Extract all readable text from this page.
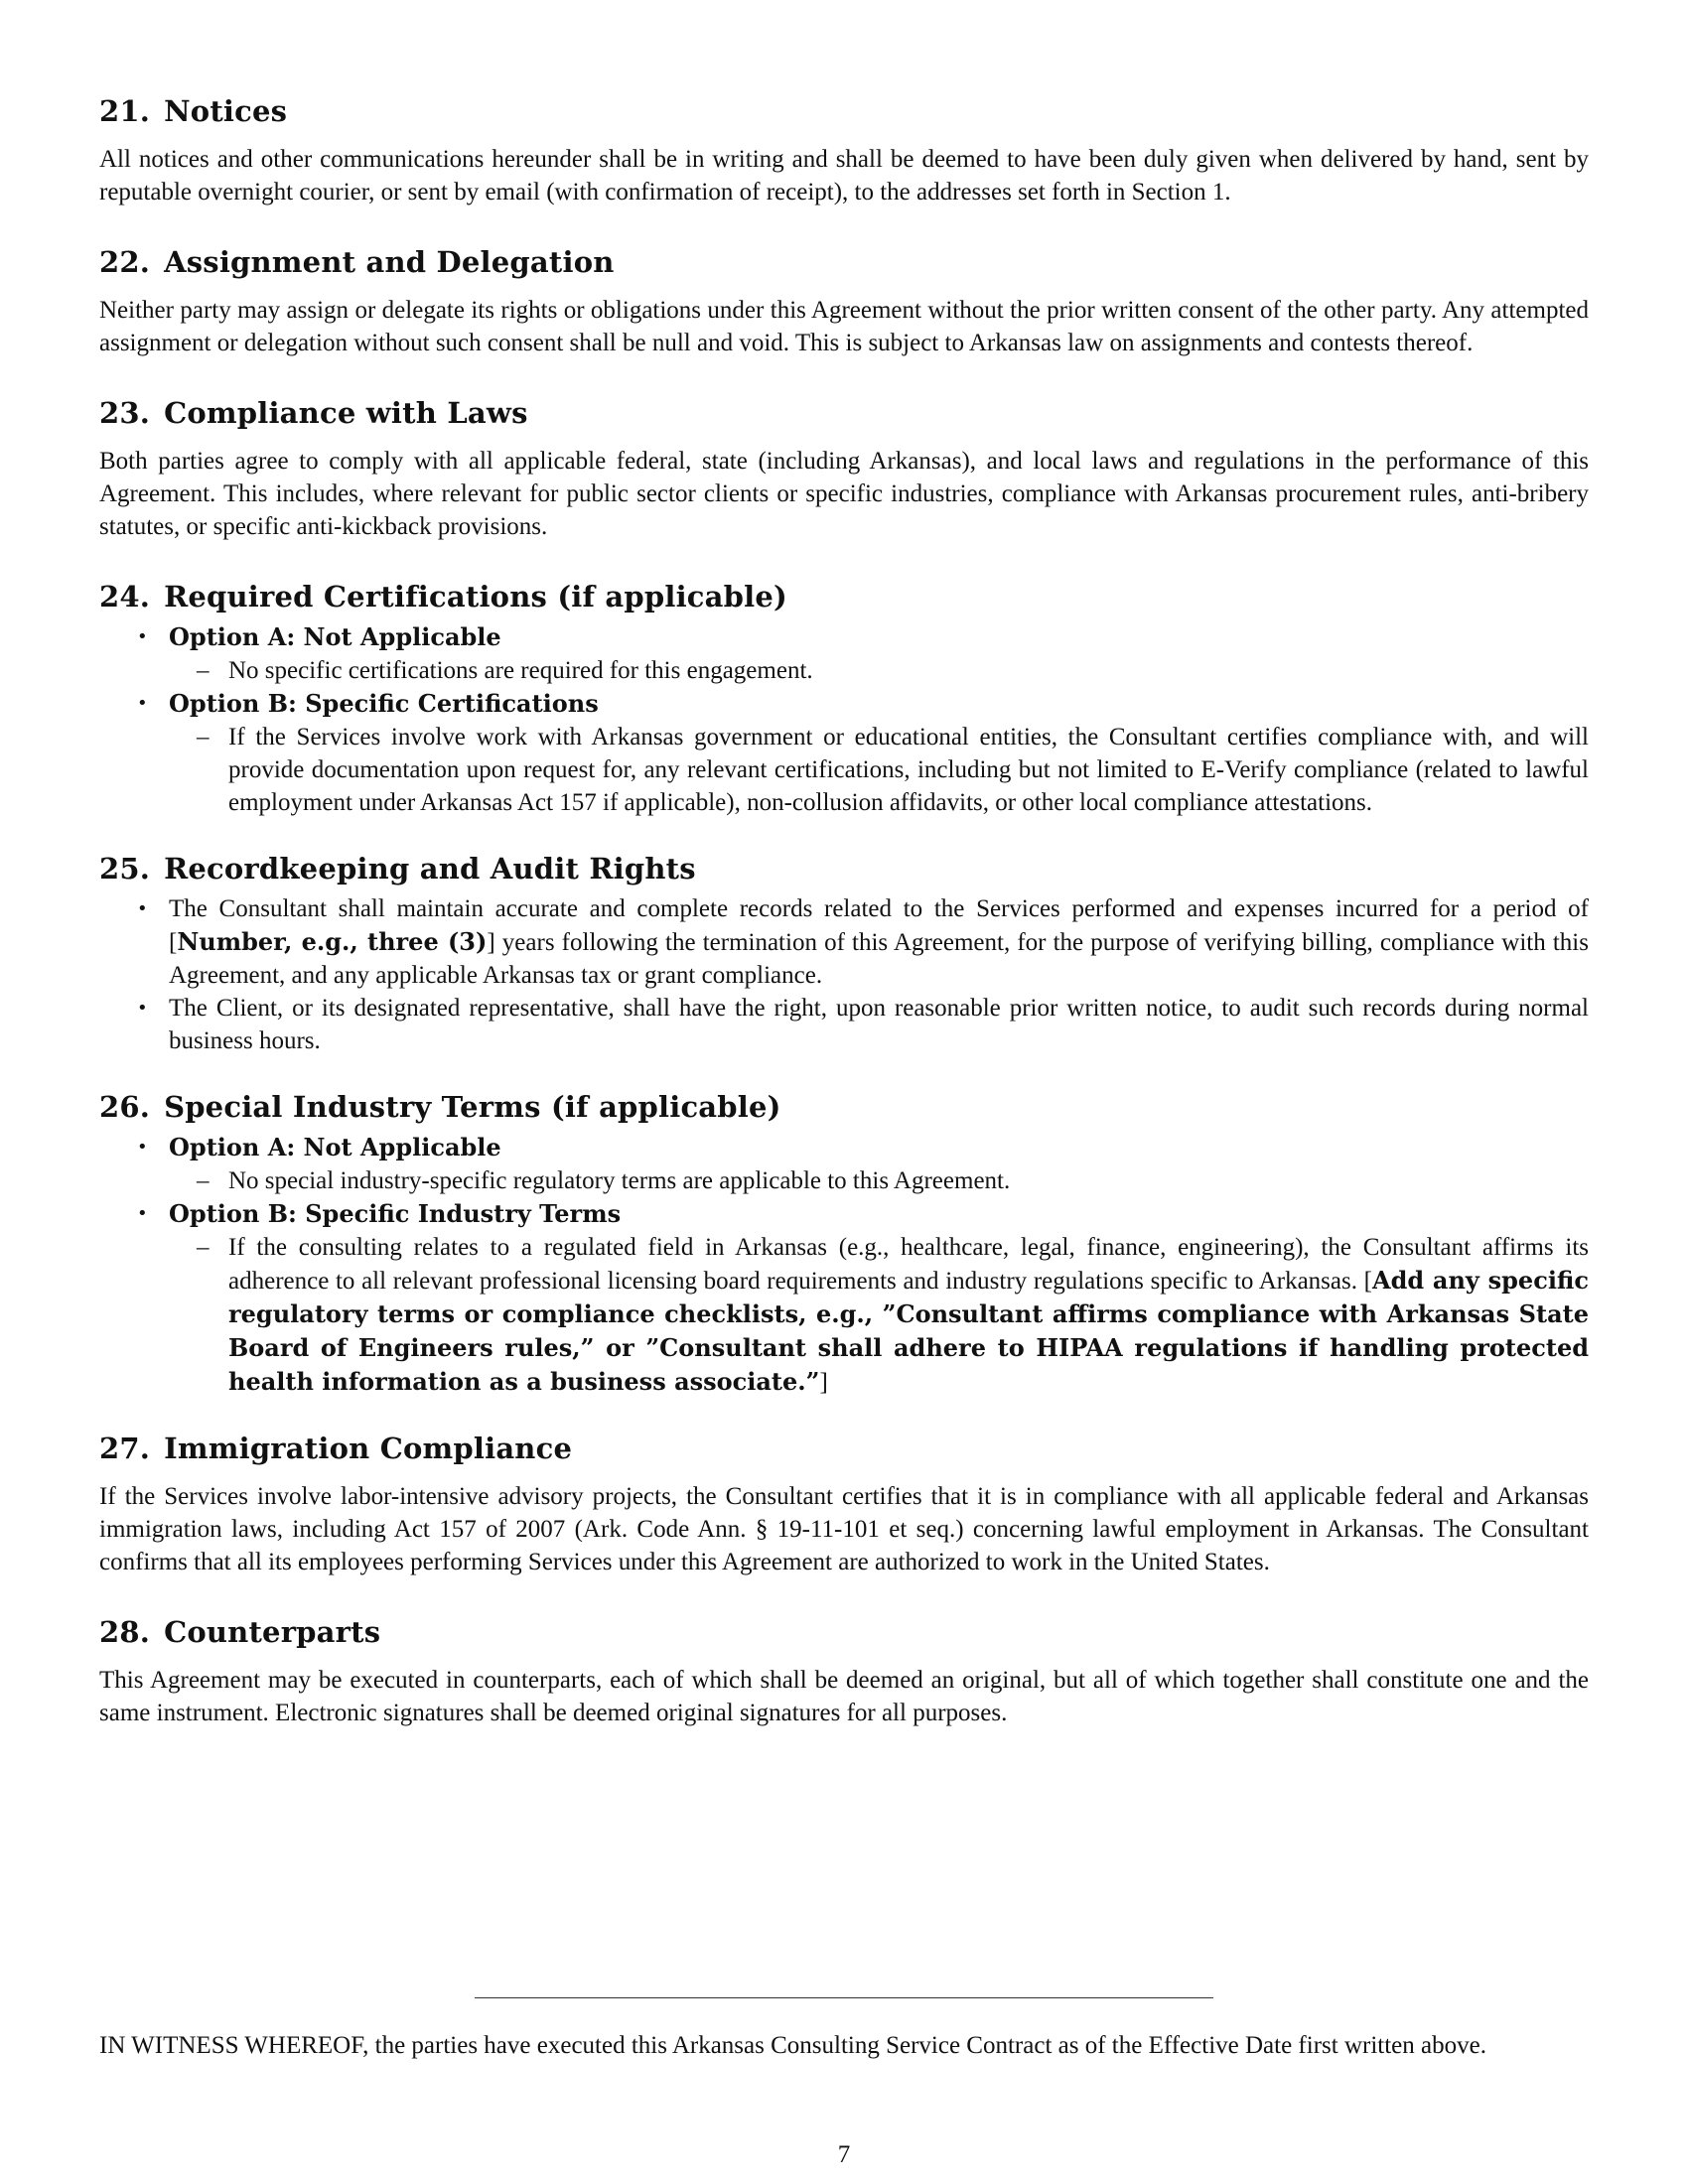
21. Notices

All notices and other communications hereunder shall be in writing and shall be deemed to have been duly given when delivered by hand, sent by reputable overnight courier, or sent by email (with confirmation of receipt), to the addresses set forth in Section 1.

22. Assignment and Delegation

Neither party may assign or delegate its rights or obligations under this Agreement without the prior written consent of the other party. Any attempted assignment or delegation without such consent shall be null and void. This is subject to Arkansas law on assignments and contests thereof.

23. Compliance with Laws

Both parties agree to comply with all applicable federal, state (including Arkansas), and local laws and regulations in the performance of this Agreement. This includes, where relevant for public sector clients or specific industries, compliance with Arkansas procurement rules, anti-bribery statutes, or specific anti-kickback provisions.

24. Required Certifications (if applicable)
• Option A: Not Applicable
– No specific certifications are required for this engagement.
• Option B: Specific Certifications
– If the Services involve work with Arkansas government or educational entities, the Consultant certifies compliance with, and will provide documentation upon request for, any relevant certifications, including but not limited to E-Verify compliance (related to lawful employment under Arkansas Act 157 if applicable), non-collusion affidavits, or other local compliance attestations.
25. Recordkeeping and Audit Rights
• The Consultant shall maintain accurate and complete records related to the Services performed and expenses incurred for a period of [Number, e.g., three (3)] years following the termination of this Agreement, for the purpose of verifying billing, compliance with this Agreement, and any applicable Arkansas tax or grant compliance.
• The Client, or its designated representative, shall have the right, upon reasonable prior written notice, to audit such records during normal business hours.
26. Special Industry Terms (if applicable)
• Option A: Not Applicable
– No special industry-specific regulatory terms are applicable to this Agreement.
• Option B: Specific Industry Terms
– If the consulting relates to a regulated field in Arkansas (e.g., healthcare, legal, finance, engineering), the Consultant affirms its adherence to all relevant professional licensing board requirements and industry regulations specific to Arkansas. [Add any specific regulatory terms or compliance checklists, e.g., ”Consultant affirms compliance with Arkansas State Board of Engineers rules,” or ”Consultant shall adhere to HIPAA regulations if handling protected health information as a business associate.”]
27. Immigration Compliance

If the Services involve labor-intensive advisory projects, the Consultant certifies that it is in compliance with all applicable federal and Arkansas immigration laws, including Act 157 of 2007 (Ark. Code Ann. § 19-11-101 et seq.) concerning lawful employment in Arkansas. The Consultant confirms that all its employees performing Services under this Agreement are authorized to work in the United States.

28. Counterparts

This Agreement may be executed in counterparts, each of which shall be deemed an original, but all of which together shall constitute one and the same instrument. Electronic signatures shall be deemed original signatures for all purposes.

IN WITNESS WHEREOF, the parties have executed this Arkansas Consulting Service Contract as of the Effective Date first written above.

7
